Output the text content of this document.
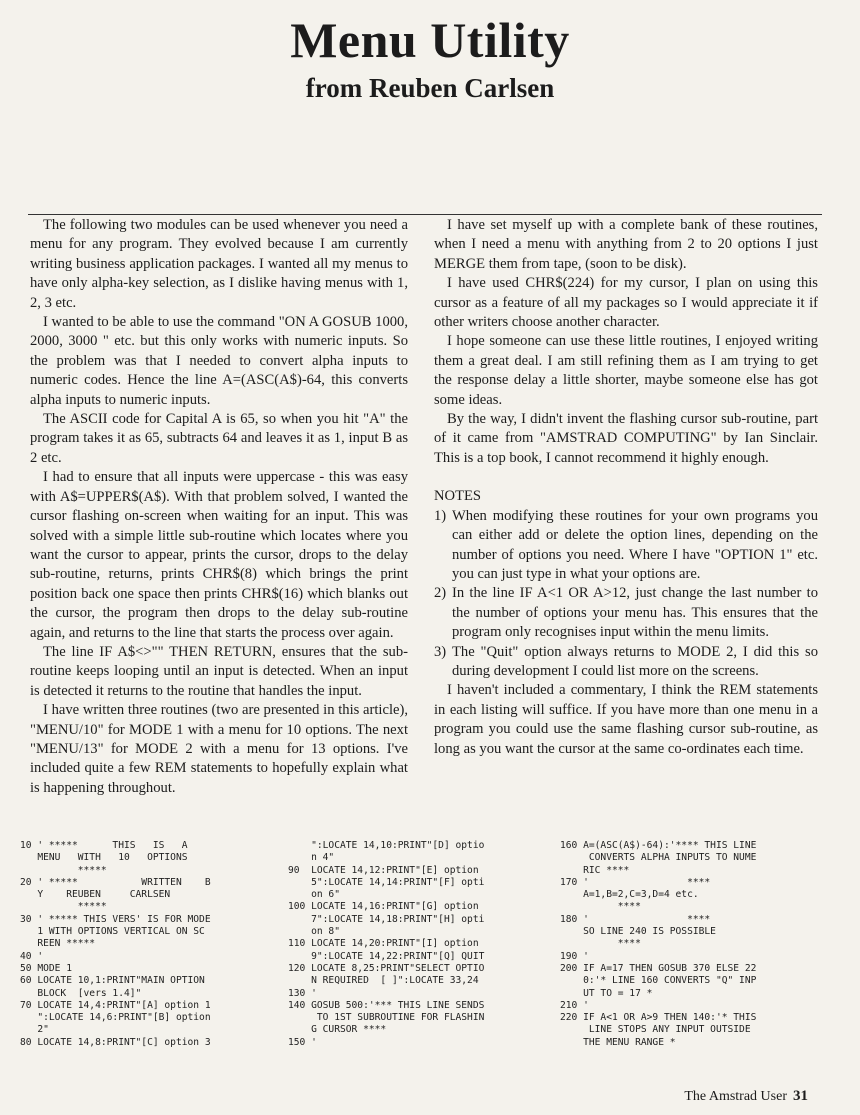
Menu Utility
from Reuben Carlsen

The following two modules can be used whenever you need a menu for any program. They evolved because I am currently writing business application packages. I wanted all my menus to have only alpha-key selection, as I dislike having menus with 1, 2, 3 etc.

I wanted to be able to use the command "ON A GOSUB 1000, 2000, 3000 " etc. but this only works with numeric inputs. So the problem was that I needed to convert alpha inputs to numeric codes. Hence the line A=(ASC(A$)-64, this converts alpha inputs to numeric inputs.

The ASCII code for Capital A is 65, so when you hit "A" the program takes it as 65, subtracts 64 and leaves it as 1, input B as 2 etc.

I had to ensure that all inputs were uppercase - this was easy with A$=UPPER$(A$). With that problem solved, I wanted the cursor flashing on-screen when waiting for an input. This was solved with a simple little sub-routine which locates where you want the cursor to appear, prints the cursor, drops to the delay sub-routine, returns, prints CHR$(8) which brings the print position back one space then prints CHR$(16) which blanks out the cursor, the program then drops to the delay sub-routine again, and returns to the line that starts the process over again.

The line IF A$<>"" THEN RETURN, ensures that the sub-routine keeps looping until an input is detected. When an input is detected it returns to the routine that handles the input.

I have written three routines (two are presented in this article), "MENU/10" for MODE 1 with a menu for 10 options. The next "MENU/13" for MODE 2 with a menu for 13 options. I've included quite a few REM statements to hopefully explain what is happening throughout.

I have set myself up with a complete bank of these routines, when I need a menu with anything from 2 to 20 options I just MERGE them from tape, (soon to be disk).

I have used CHR$(224) for my cursor, I plan on using this cursor as a feature of all my packages so I would appreciate it if other writers choose another character.

I hope someone can use these little routines, I enjoyed writing them a great deal. I am still refining them as I am trying to get the response delay a little shorter, maybe someone else has got some ideas.

By the way, I didn't invent the flashing cursor sub-routine, part of it came from "AMSTRAD COMPUTING" by Ian Sinclair. This is a top book, I cannot recommend it highly enough.

NOTES

1) When modifying these routines for your own programs you can either add or delete the option lines, depending on the number of options you need. Where I have "OPTION 1" etc. you can just type in what your options are.
2) In the line IF A<1 OR A>12, just change the last number to the number of options your menu has. This ensures that the program only recognises input within the menu limits.
3) The "Quit" option always returns to MODE 2, I did this so during development I could list more on the screens.

I haven't included a commentary, I think the REM statements in each listing will suffice. If you have more than one menu in a program you could use the same flashing cursor sub-routine, as long as you want the cursor at the same co-ordinates each time.

10 ' *****      THIS   IS   A
MENU   WITH   10   OPTIONS
*****
20 ' *****           WRITTEN    B
Y    REUBEN     CARLSEN
*****
30 ' ***** THIS VERS' IS FOR MODE
1 WITH OPTIONS VERTICAL ON SC
REEN *****
40 '
50 MODE 1
60 LOCATE 10,1:PRINT"MAIN OPTION
BLOCK  [vers 1.4]"
70 LOCATE 14,4:PRINT"[A] option 1
":LOCATE 14,6:PRINT"[B] option
2"
80 LOCATE 14,8:PRINT"[C] option 3
":LOCATE 14,10:PRINT"[D] optio
n 4"
90  LOCATE 14,12:PRINT"[E] option
5":LOCATE 14,14:PRINT"[F] opti
on 6"
100 LOCATE 14,16:PRINT"[G] option
7":LOCATE 14,18:PRINT"[H] opti
on 8"
110 LOCATE 14,20:PRINT"[I] option
9":LOCATE 14,22:PRINT"[Q] QUIT
120 LOCATE 8,25:PRINT"SELECT OPTIO
N REQUIRED  [ ]":LOCATE 33,24
130 '
140 GOSUB 500:'*** THIS LINE SENDS
TO 1ST SUBROUTINE FOR FLASHIN
G CURSOR ****
150 '
160 A=(ASC(A$)-64):'**** THIS LINE
CONVERTS ALPHA INPUTS TO NUME
RIC ****
170 '                 ****
A=1,B=2,C=3,D=4 etc.
****
180 '                 ****
SO LINE 240 IS POSSIBLE
****
190 '
200 IF A=17 THEN GOSUB 370 ELSE 22
0:'* LINE 160 CONVERTS "Q" INP
UT TO = 17 *
210 '
220 IF A<1 OR A>9 THEN 140:'* THIS
LINE STOPS ANY INPUT OUTSIDE
THE MENU RANGE *
The Amstrad User 31
